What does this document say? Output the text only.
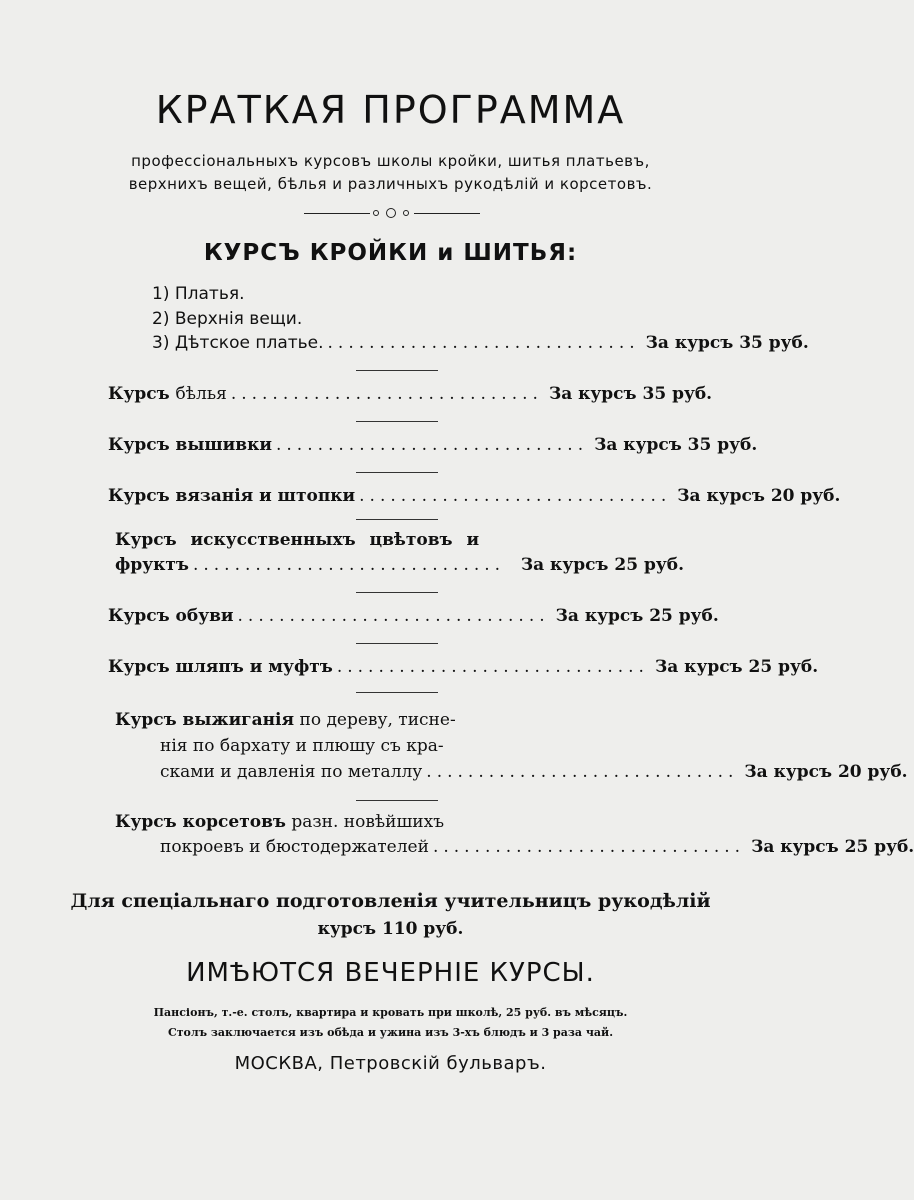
КРАТКАЯ ПРОГРАММА
профессіональныхъ курсовъ школы кройки, шитья платьевъ,
верхнихъ вещей, бѣлья и различныхъ рукодѣлій и корсетовъ.
КУРСЪ КРОЙКИ и ШИТЬЯ:
1) Платья.
2) Верхнія вещи.
3) Дѣтское платье. .............................. За курсъ 35 руб.
Курсъ бѣлья .............................. За курсъ 35 руб.
Курсъ вышивки .............................. За курсъ 35 руб.
Курсъ вязанія и штопки .............................. За курсъ 20 руб.
Курсъ искусственныхъ цвѣтовъ и
фруктъ .............................. За курсъ 25 руб.
Курсъ обуви .............................. За курсъ 25 руб.
Курсъ шляпъ и муфтъ .............................. За курсъ 25 руб.
Курсъ выжиганія по дереву, тисне-
нія по бархату и плюшу съ кра-
сками и давленія по металлу .............................. За курсъ 20 руб.
Курсъ корсетовъ разн. новѣйшихъ
покроевъ и бюстодержателей .............................. За курсъ 25 руб.
Для спеціальнаго подготовленія учительницъ рукодѣлій
курсъ 110 руб.
ИМѢЮТСЯ ВЕЧЕРНІЕ КУРСЫ.
Пансіонъ, т.-е. столъ, квартира и кровать при школѣ, 25 руб. въ мѣсяцъ.
Столъ заключается изъ обѣда и ужина изъ 3-хъ блюдъ и 3 раза чай.
МОСКВА, Петровскій бульваръ.
